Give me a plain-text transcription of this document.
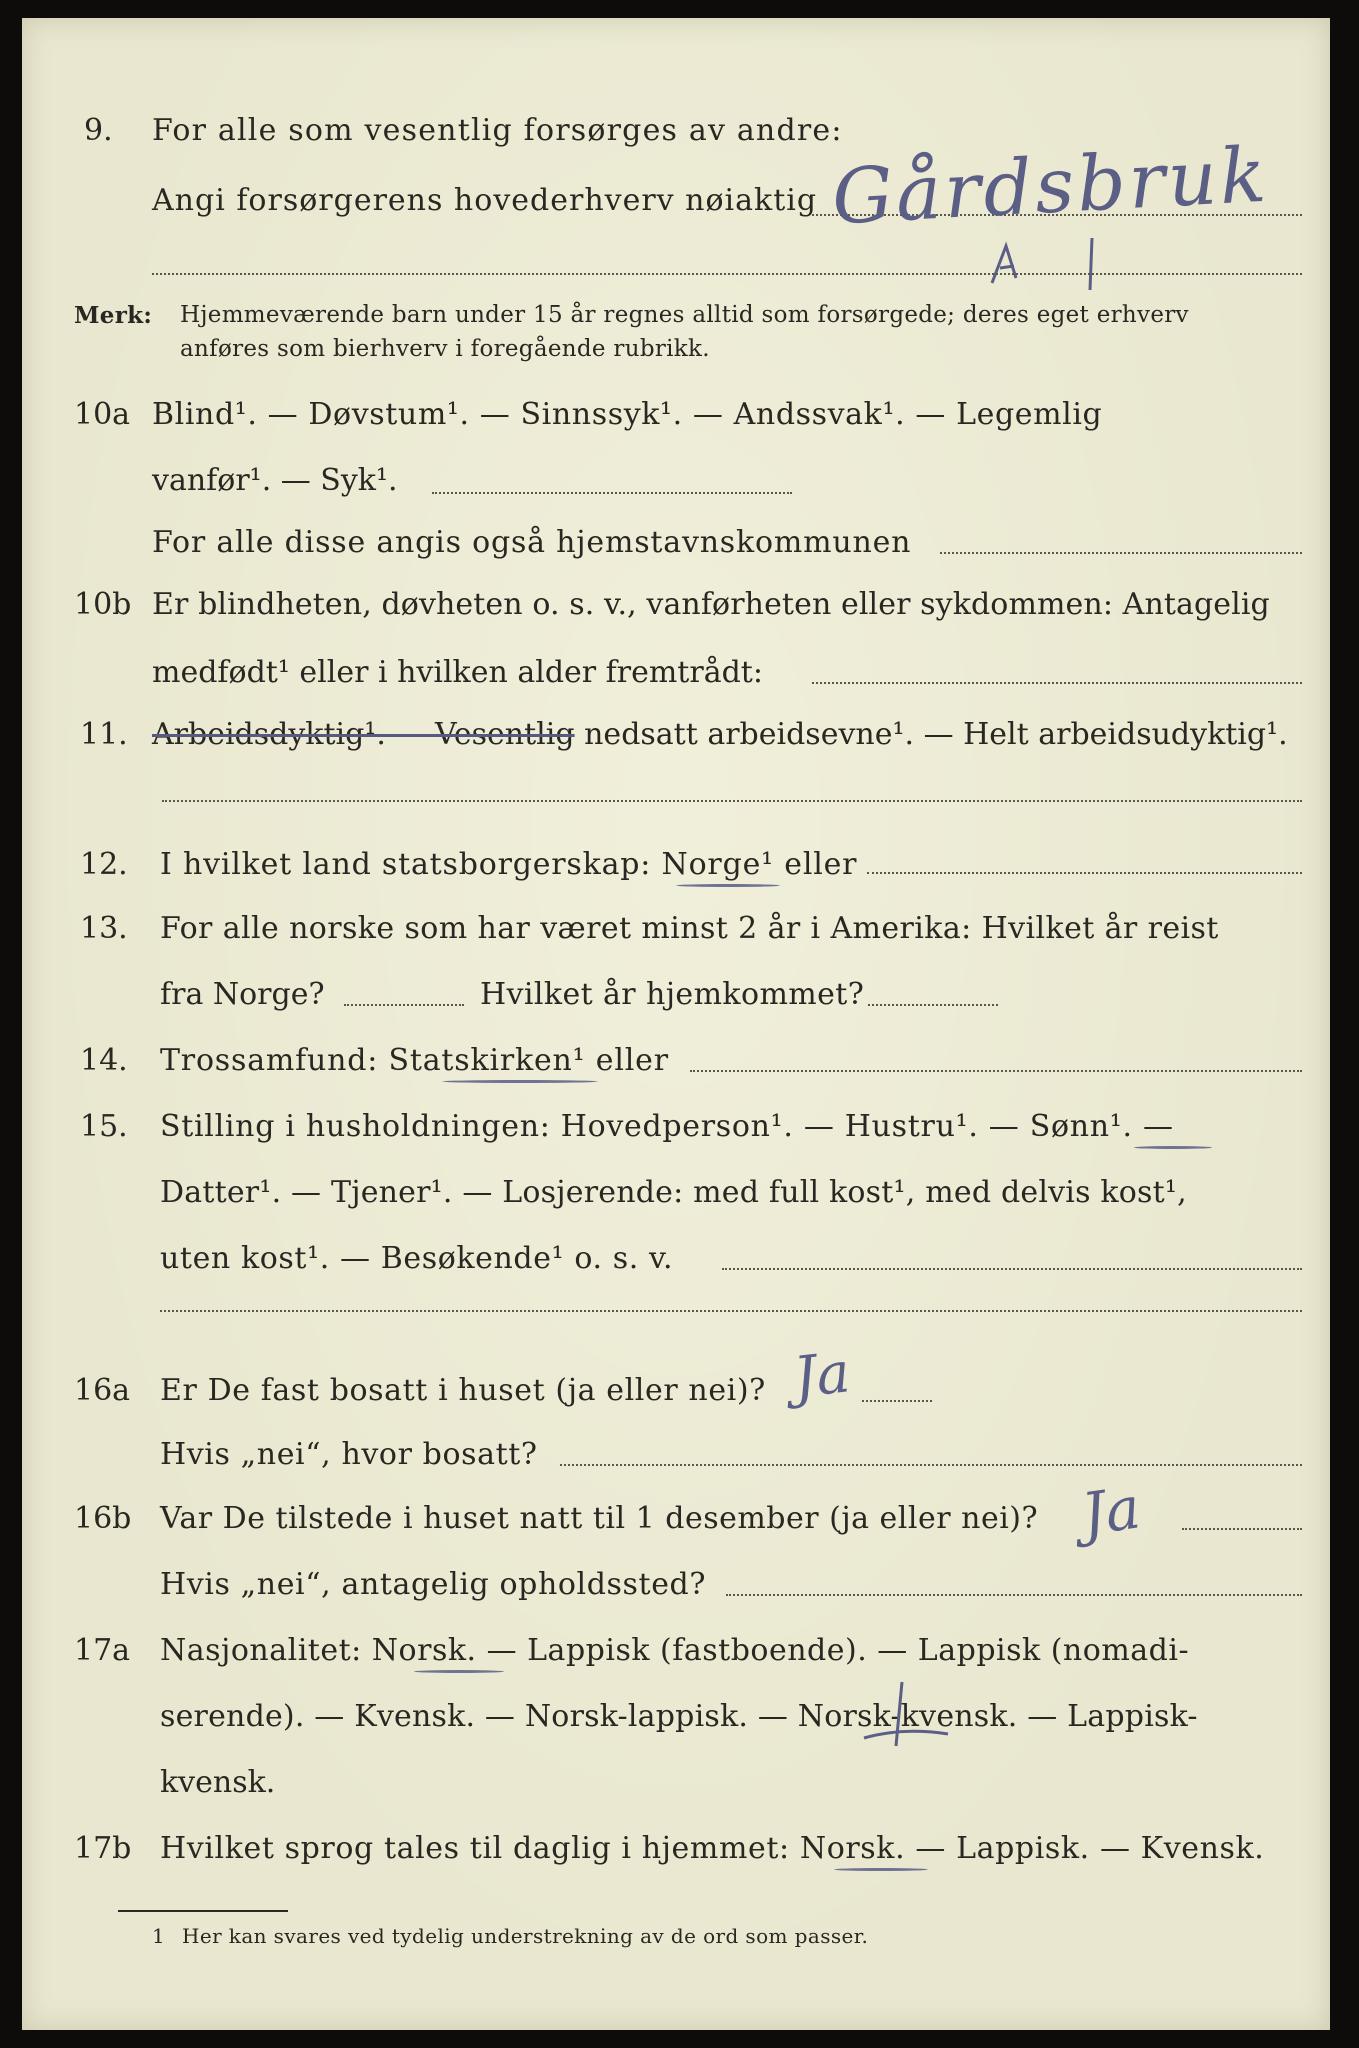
9. For alle som vesentlig forsørges av andre:
Angi forsørgerens hovederhverv nøiaktig Gårdsbruk
Merk: Hjemmeværende barn under 15 år regnes alltid som forsørgede; deres eget erhverv
anføres som bierhverv i foregående rubrikk.
10a Blind¹. — Døvstum¹. — Sinnssyk¹. — Andssvak¹. — Legemlig
vanfør¹. — Syk¹.
For alle disse angis også hjemstavnskommunen
10b Er blindheten, døvheten o. s. v., vanførheten eller sykdommen: Antagelig
medfødt¹ eller i hvilken alder fremtrådt:
11. Arbeidsdyktig¹. — Vesentlig nedsatt arbeidsevne¹. — Helt arbeidsudyktig¹.
12. I hvilket land statsborgerskap: Norge¹ eller
13. For alle norske som har været minst 2 år i Amerika: Hvilket år reist
fra Norge?	Hvilket år hjemkommet?
14. Trossamfund: Statskirken¹ eller
15. Stilling i husholdningen: Hovedperson¹. — Hustru¹. — Sønn¹. —
Datter¹. — Tjener¹. — Losjerende: med full kost¹, med delvis kost¹,
uten kost¹. — Besøkende¹ o. s. v.
16a Er De fast bosatt i huset (ja eller nei)? Ja
Hvis „nei“, hvor bosatt?
16b Var De tilstede i huset natt til 1 desember (ja eller nei)? Ja
Hvis „nei“, antagelig opholdssted?
17a Nasjonalitet: Norsk. — Lappisk (fastboende). — Lappisk (nomadi-
serende). — Kvensk. — Norsk-lappisk. — Norsk-kvensk. — Lappisk-
kvensk.
17b Hvilket sprog tales til daglig i hjemmet: Norsk. — Lappisk. — Kvensk.
1 Her kan svares ved tydelig understrekning av de ord som passer.
